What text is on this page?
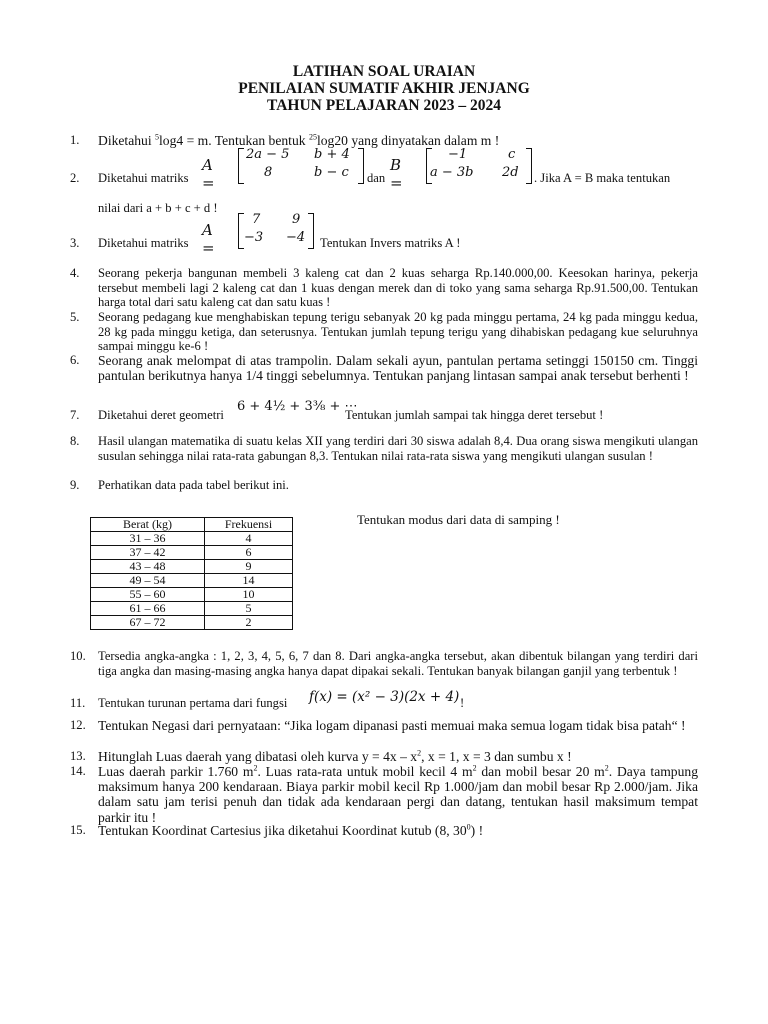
LATIHAN SOAL URAIAN
PENILAIAN SUMATIF AKHIR JENJANG
TAHUN PELAJARAN 2023 – 2024
1. Diketahui $^5$log4 = m. Tentukan bentuk $^{25}$log20 yang dinyatakan dalam m !
2. Diketahui matriks
A =
2a − 5 b + 4
8	b − c dan
B =
−1	c
a − 3b 2d . Jika A = B maka tentukan
nilai dari a + b + c + d !
3. Diketahui matriks
A =
7 9
−3 −4 Tentukan Invers matriks A !
4. Seorang pekerja bangunan membeli 3 kaleng cat dan 2 kuas seharga Rp.140.000,00. Keesokan harinya, pekerja tersebut membeli lagi 2 kaleng cat dan 1 kuas dengan merek dan di toko yang sama seharga Rp.91.500,00. Tentukan harga total dari satu kaleng cat dan satu kuas !
5. Seorang pedagang kue menghabiskan tepung terigu sebanyak 20 kg pada minggu pertama, 24 kg pada minggu kedua, 28 kg pada minggu ketiga, dan seterusnya. Tentukan jumlah tepung terigu yang dihabiskan pedagang kue seluruhnya sampai minggu ke-6 !
6. Seorang anak melompat di atas trampolin. Dalam sekali ayun, pantulan pertama setinggi 150150 cm. Tinggi pantulan berikutnya hanya 1/4 tinggi sebelumnya. Tentukan panjang lintasan sampai anak tersebut berhenti !
7. Diketahui deret geometri
6 + 4½ + 3⅜ + ⋯
Tentukan jumlah sampai tak hingga deret tersebut !
8. Hasil ulangan matematika di suatu kelas XII yang terdiri dari 30 siswa adalah 8,4. Dua orang siswa mengikuti ulangan susulan sehingga nilai rata-rata gabungan 8,3. Tentukan nilai rata-rata siswa yang mengikuti ulangan susulan !
9. Perhatikan data pada tabel berikut ini.
Berat (kg)	Frekuensi
31 – 36	4
37 – 42	6
43 – 48	9
49 – 54	14
55 – 60	10
61 – 66	5
67 – 72	2
Tentukan modus dari data di samping !
10. Tersedia angka-angka : 1, 2, 3, 4, 5, 6, 7 dan 8. Dari angka-angka tersebut, akan dibentuk bilangan yang terdiri dari tiga angka dan masing-masing angka hanya dapat dipakai sekali. Tentukan banyak bilangan ganjil yang terbentuk !
11. Tentukan turunan pertama dari fungsi	f(x) = (x² − 3)(2x + 4) !
12. Tentukan Negasi dari pernyataan: “Jika logam dipanasi pasti memuai maka semua logam tidak bisa patah“ !
13. Hitunglah Luas daerah yang dibatasi oleh kurva $y = 4x - x^2$, x = 1, x = 3 dan sumbu x !
14. Luas daerah parkir 1.760 $m^2$. Luas rata-rata untuk mobil kecil 4 $m^2$ dan mobil besar 20 $m^2$. Daya tampung maksimum hanya 200 kendaraan. Biaya parkir mobil kecil Rp 1.000/jam dan mobil besar Rp 2.000/jam. Jika dalam satu jam terisi penuh dan tidak ada kendaraan pergi dan datang, tentukan hasil maksimum tempat parkir itu !
15. Tentukan Koordinat Cartesius jika diketahui Koordinat kutub (8, $30^0$) !
